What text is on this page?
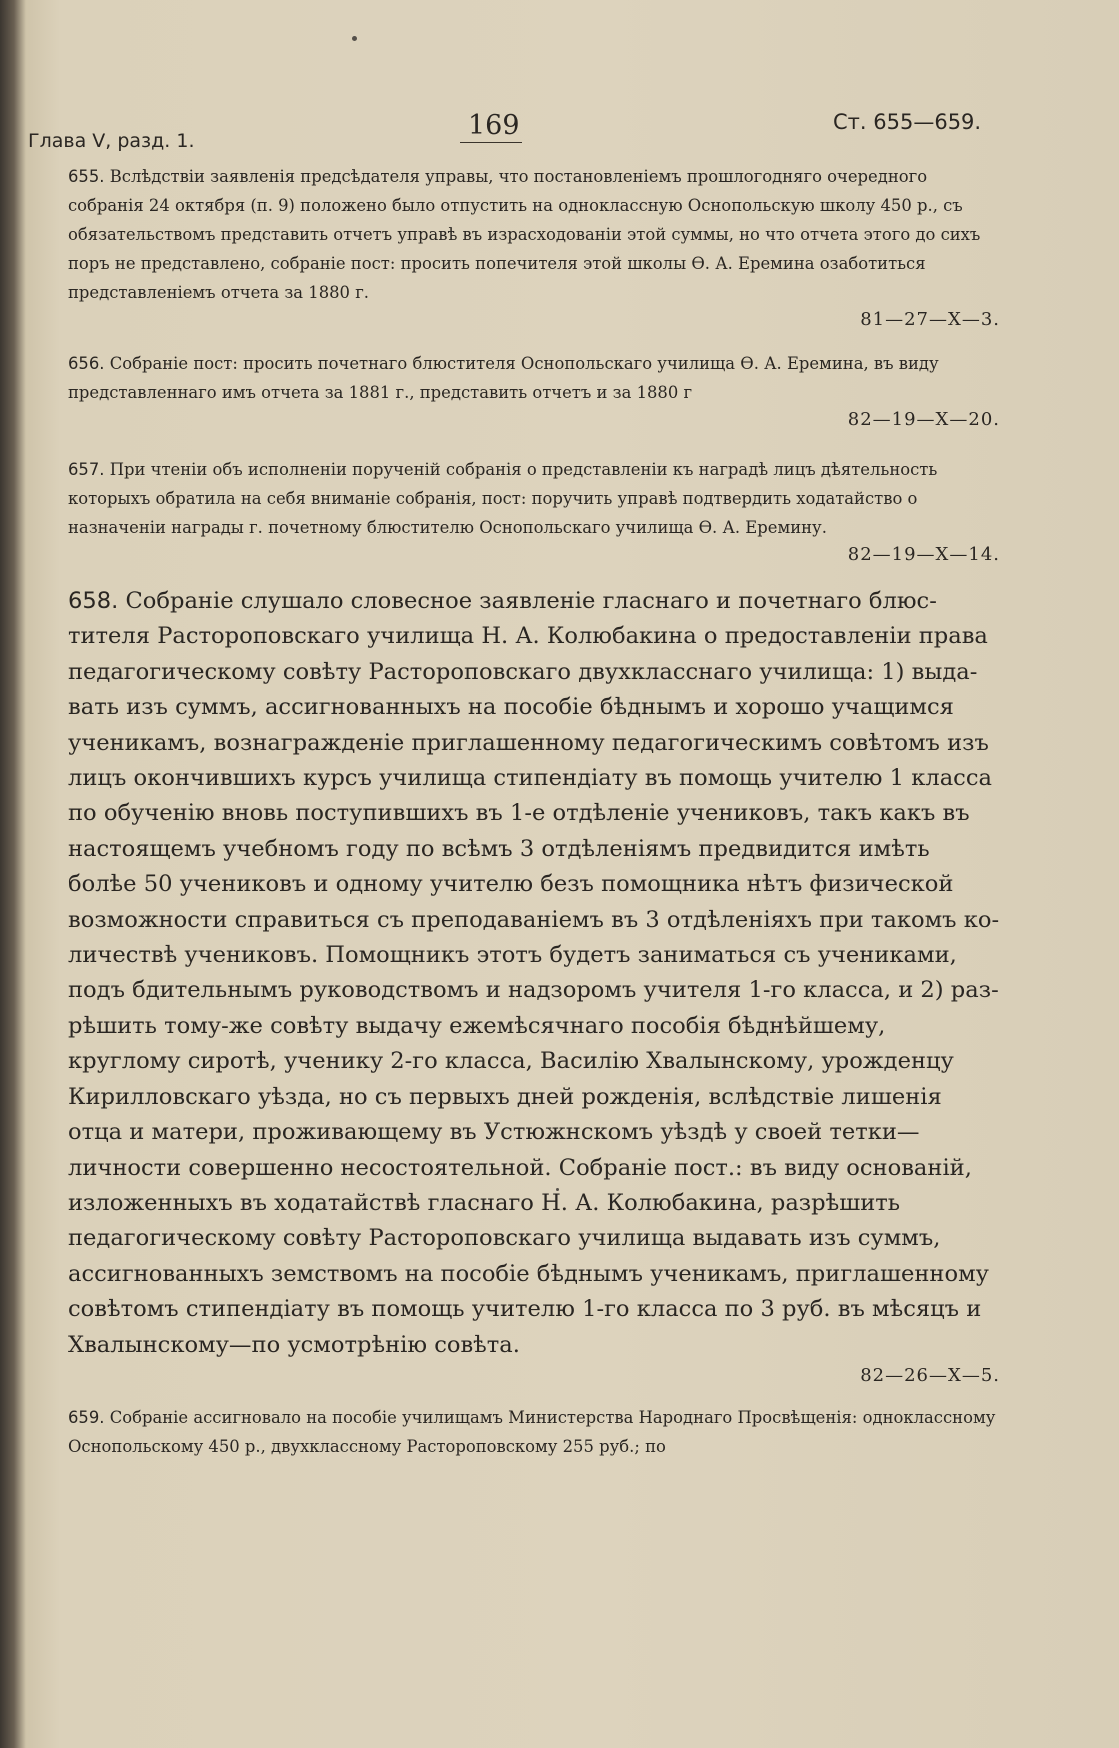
Глава V, разд. 1.	169	Ст. 655—659.
655. Вслѣдствіи заявленія предсѣдателя управы, что постановленіемъ прошлогодняго очередного собранія 24 октября (п. 9) положено было отпустить на одноклассную Оснопольскую школу 450 р., съ обязательствомъ представить отчетъ управѣ въ израсходованіи этой суммы, но что отчета этого до сихъ поръ не представлено, собраніе пост: просить попечителя этой школы Ѳ. А. Еремина озаботиться представленіемъ отчета за 1880 г.
81—27—X—3.
656. Собраніе пост: просить почетнаго блюстителя Оснопольскаго училища Ѳ. А. Еремина, въ виду представленнаго имъ отчета за 1881 г., представить отчетъ и за 1880 г
82—19—X—20.
657. При чтеніи объ исполненіи порученій собранія о представленіи къ наградѣ лицъ дѣятельность которыхъ обратила на себя вниманіе собранія, пост: поручить управѣ подтвердить ходатайство о назначеніи награды г. почетному блюстителю Оснопольскаго училища Ѳ. А. Еремину.
82—19—X—14.
658. Собраніе слушало словесное заявленіе гласнаго и почетнаго блюстителя Растороповскаго училища Н. А. Колюбакина о предоставленіи права педагогическому совѣту Растороповскаго двухкласснаго училища: 1) выдавать изъ суммъ, ассигнованныхъ на пособіе бѣднымъ и хорошо учащимся ученикамъ, вознагражденіе приглашенному педагогическимъ совѣтомъ изъ лицъ окончившихъ курсъ училища стипендіату въ помощь учителю 1 класса по обученію вновь поступившихъ въ 1-е отдѣленіе учениковъ, такъ какъ въ настоящемъ учебномъ году по всѣмъ 3 отдѣленіямъ предвидится имѣть болѣе 50 учениковъ и одному учителю безъ помощника нѣтъ физической возможности справиться съ преподаваніемъ въ 3 отдѣленіяхъ при такомъ количествѣ учениковъ. Помощникъ этотъ будетъ заниматься съ учениками, подъ бдительнымъ руководствомъ и надзоромъ учителя 1-го класса, и 2) разрѣшить тому-же совѣту выдачу ежемѣсячнаго пособія бѣднѣйшему, круглому сиротѣ, ученику 2-го класса, Василію Хвалынскому, урожденцу Кирилловскаго уѣзда, но съ первыхъ дней рожденія, вслѣдствіе лишенія отца и матери, проживающему въ Устюжнскомъ уѣздѣ у своей тетки—личности совершенно несостоятельной. Собраніе пост.: въ виду основаній, изложенныхъ въ ходатайствѣ гласнаго Н. А. Колюбакина, разрѣшить педагогическому совѣту Растороповскаго училища выдавать изъ суммъ, ассигнованныхъ земствомъ на пособіе бѣднымъ ученикамъ, приглашенному совѣтомъ стипендіату въ помощь учителю 1-го класса по 3 руб. въ мѣсяцъ и Хвалынскому—по усмотрѣнію совѣта.
82—26—X—5.
659. Собраніе ассигновало на пособіе училищамъ Министерства Народнаго Просвѣщенія: одноклассному Оснопольскому 450 р., двухклассному Растороповскому 255 руб.; по
